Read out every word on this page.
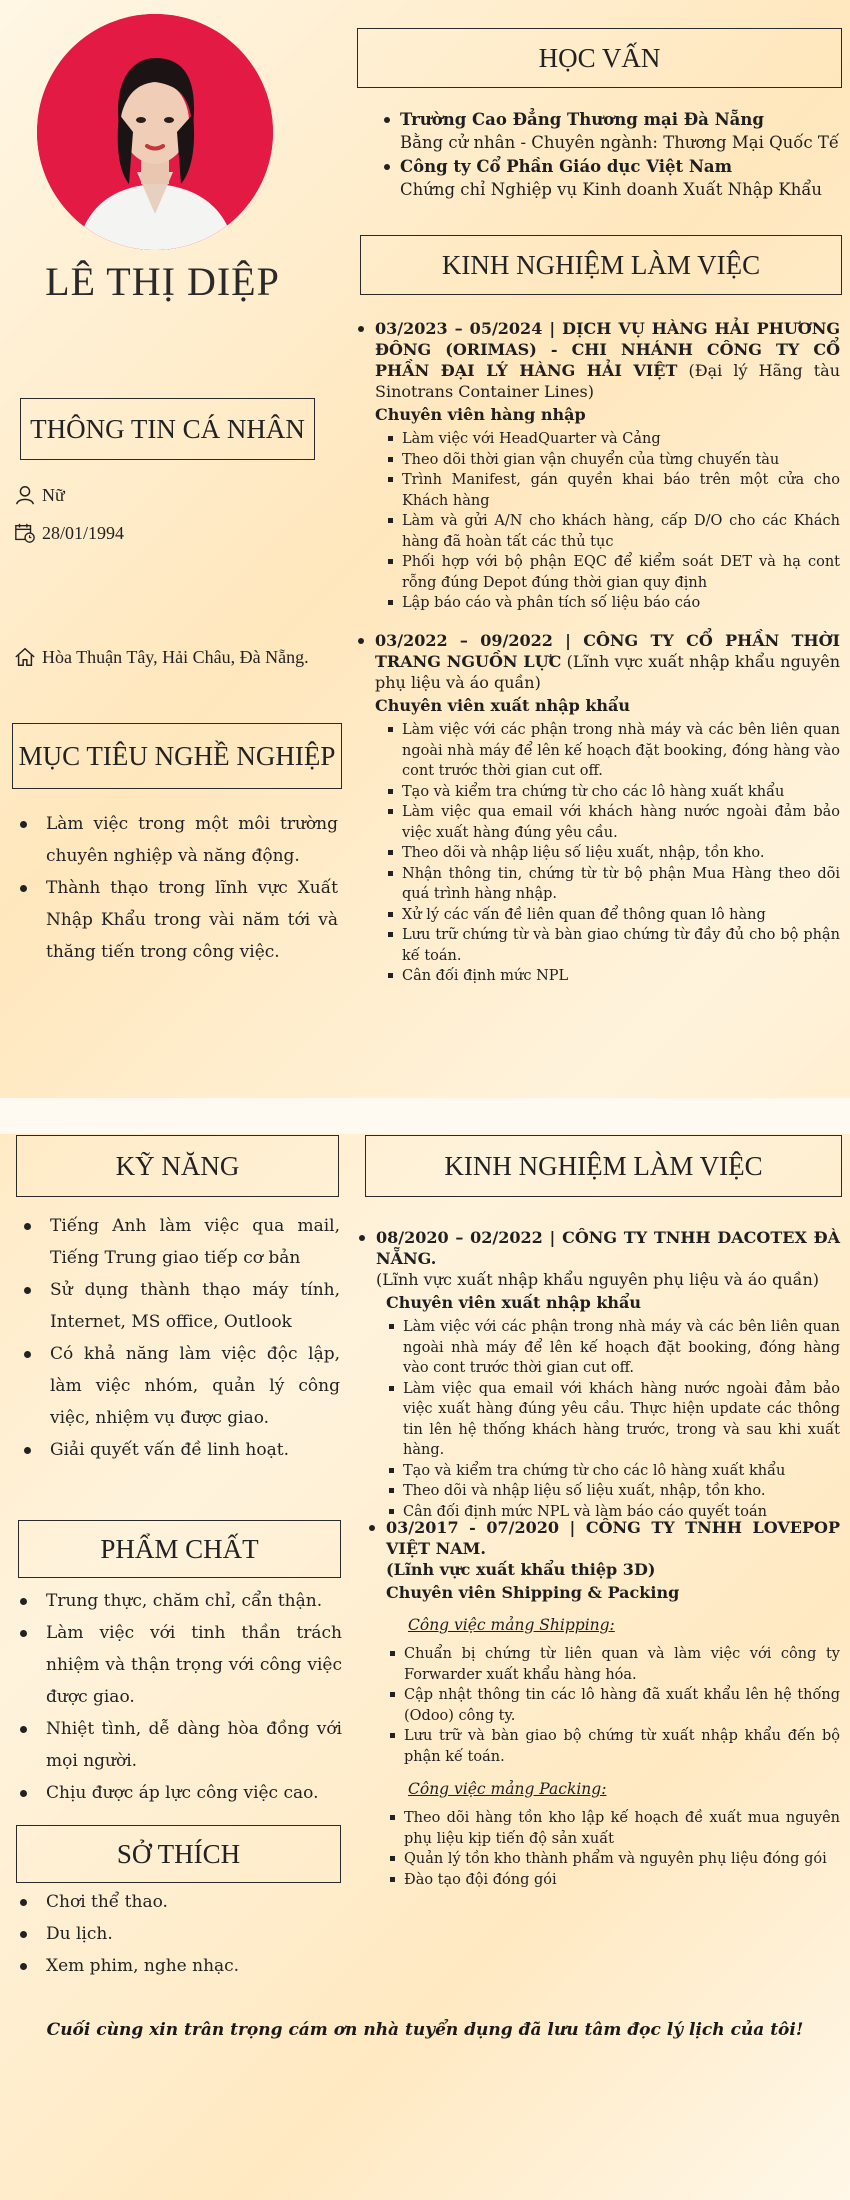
LÊ THỊ DIỆP
THÔNG TIN CÁ NHÂN
Nữ
28/01/1994
Hòa Thuận Tây, Hải Châu, Đà Nẵng.
MỤC TIÊU NGHỀ NGHIỆP
Làm việc trong một môi trường chuyên nghiệp và năng động.
Thành thạo trong lĩnh vực Xuất Nhập Khẩu trong vài năm tới và thăng tiến trong công việc.
HỌC VẤN
Trường Cao Đẳng Thương mại Đà Nẵng
Bằng cử nhân - Chuyên ngành: Thương Mại Quốc Tế
Công ty Cổ Phần Giáo dục Việt Nam
Chứng chỉ Nghiệp vụ Kinh doanh Xuất Nhập Khẩu
KINH NGHIỆM LÀM VIỆC
03/2023 – 05/2024 | DỊCH VỤ HÀNG HẢI PHƯƠNG ĐÔNG (ORIMAS) - CHI NHÁNH CÔNG TY CỔ PHẦN ĐẠI LÝ HÀNG HẢI VIỆT (Đại lý Hãng tàu Sinotrans Container Lines)
Chuyên viên hàng nhập
Làm việc với HeadQuarter và Cảng
Theo dõi thời gian vận chuyển của từng chuyến tàu
Trình Manifest, gán quyền khai báo trên một cửa cho Khách hàng
Làm và gửi A/N cho khách hàng, cấp D/O cho các Khách hàng đã hoàn tất các thủ tục
Phối hợp với bộ phận EQC để kiểm soát DET và hạ cont rỗng đúng Depot đúng thời gian quy định
Lập báo cáo và phân tích số liệu báo cáo
03/2022 – 09/2022 | CÔNG TY CỔ PHẦN THỜI TRANG NGUỒN LỰC (Lĩnh vực xuất nhập khẩu nguyên phụ liệu và áo quần)
Chuyên viên xuất nhập khẩu
Làm việc với các phận trong nhà máy và các bên liên quan ngoài nhà máy để lên kế hoạch đặt booking, đóng hàng vào cont trước thời gian cut off.
Tạo và kiểm tra chứng từ cho các lô hàng xuất khẩu
Làm việc qua email với khách hàng nước ngoài đảm bảo việc xuất hàng đúng yêu cầu.
Theo dõi và nhập liệu số liệu xuất, nhập, tồn kho.
Nhận thông tin, chứng từ từ bộ phận Mua Hàng theo dõi quá trình hàng nhập.
Xử lý các vấn đề liên quan để thông quan lô hàng
Lưu trữ chứng từ và bàn giao chứng từ đầy đủ cho bộ phận kế toán.
Cân đối định mức NPL
KỸ NĂNG
Tiếng Anh làm việc qua mail, Tiếng Trung giao tiếp cơ bản
Sử dụng thành thạo máy tính, Internet, MS office, Outlook
Có khả năng làm việc độc lập, làm việc nhóm, quản lý công việc, nhiệm vụ được giao.
Giải quyết vấn đề linh hoạt.
PHẨM CHẤT
Trung thực, chăm chỉ, cẩn thận.
Làm việc với tinh thần trách nhiệm và thận trọng với công việc được giao.
Nhiệt tình, dễ dàng hòa đồng với mọi người.
Chịu được áp lực công việc cao.
SỞ THÍCH
Chơi thể thao.
Du lịch.
Xem phim, nghe nhạc.
KINH NGHIỆM LÀM VIỆC
08/2020 – 02/2022 | CÔNG TY TNHH DACOTEX ĐÀ NẴNG.
(Lĩnh vực xuất nhập khẩu nguyên phụ liệu và áo quần)
Chuyên viên xuất nhập khẩu
Làm việc với các phận trong nhà máy và các bên liên quan ngoài nhà máy để lên kế hoạch đặt booking, đóng hàng vào cont trước thời gian cut off.
Làm việc qua email với khách hàng nước ngoài đảm bảo việc xuất hàng đúng yêu cầu. Thực hiện update các thông tin lên hệ thống khách hàng trước, trong và sau khi xuất hàng.
Tạo và kiểm tra chứng từ cho các lô hàng xuất khẩu
Theo dõi và nhập liệu số liệu xuất, nhập, tồn kho.
Cân đối định mức NPL và làm báo cáo quyết toán
03/2017 - 07/2020 | CÔNG TY TNHH LOVEPOP VIỆT NAM.
(Lĩnh vực xuất khẩu thiệp 3D)
Chuyên viên Shipping & Packing
Công việc mảng Shipping:
Chuẩn bị chứng từ liên quan và làm việc với công ty Forwarder xuất khẩu hàng hóa.
Cập nhật thông tin các lô hàng đã xuất khẩu lên hệ thống (Odoo) công ty.
Lưu trữ và bàn giao bộ chứng từ xuất nhập khẩu đến bộ phận kế toán.
Công việc mảng Packing:
Theo dõi hàng tồn kho lập kế hoạch đề xuất mua nguyên phụ liệu kịp tiến độ sản xuất
Quản lý tồn kho thành phẩm và nguyên phụ liệu đóng gói
Đào tạo đội đóng gói
Cuối cùng xin trân trọng cám ơn nhà tuyển dụng đã lưu tâm đọc lý lịch của tôi!
